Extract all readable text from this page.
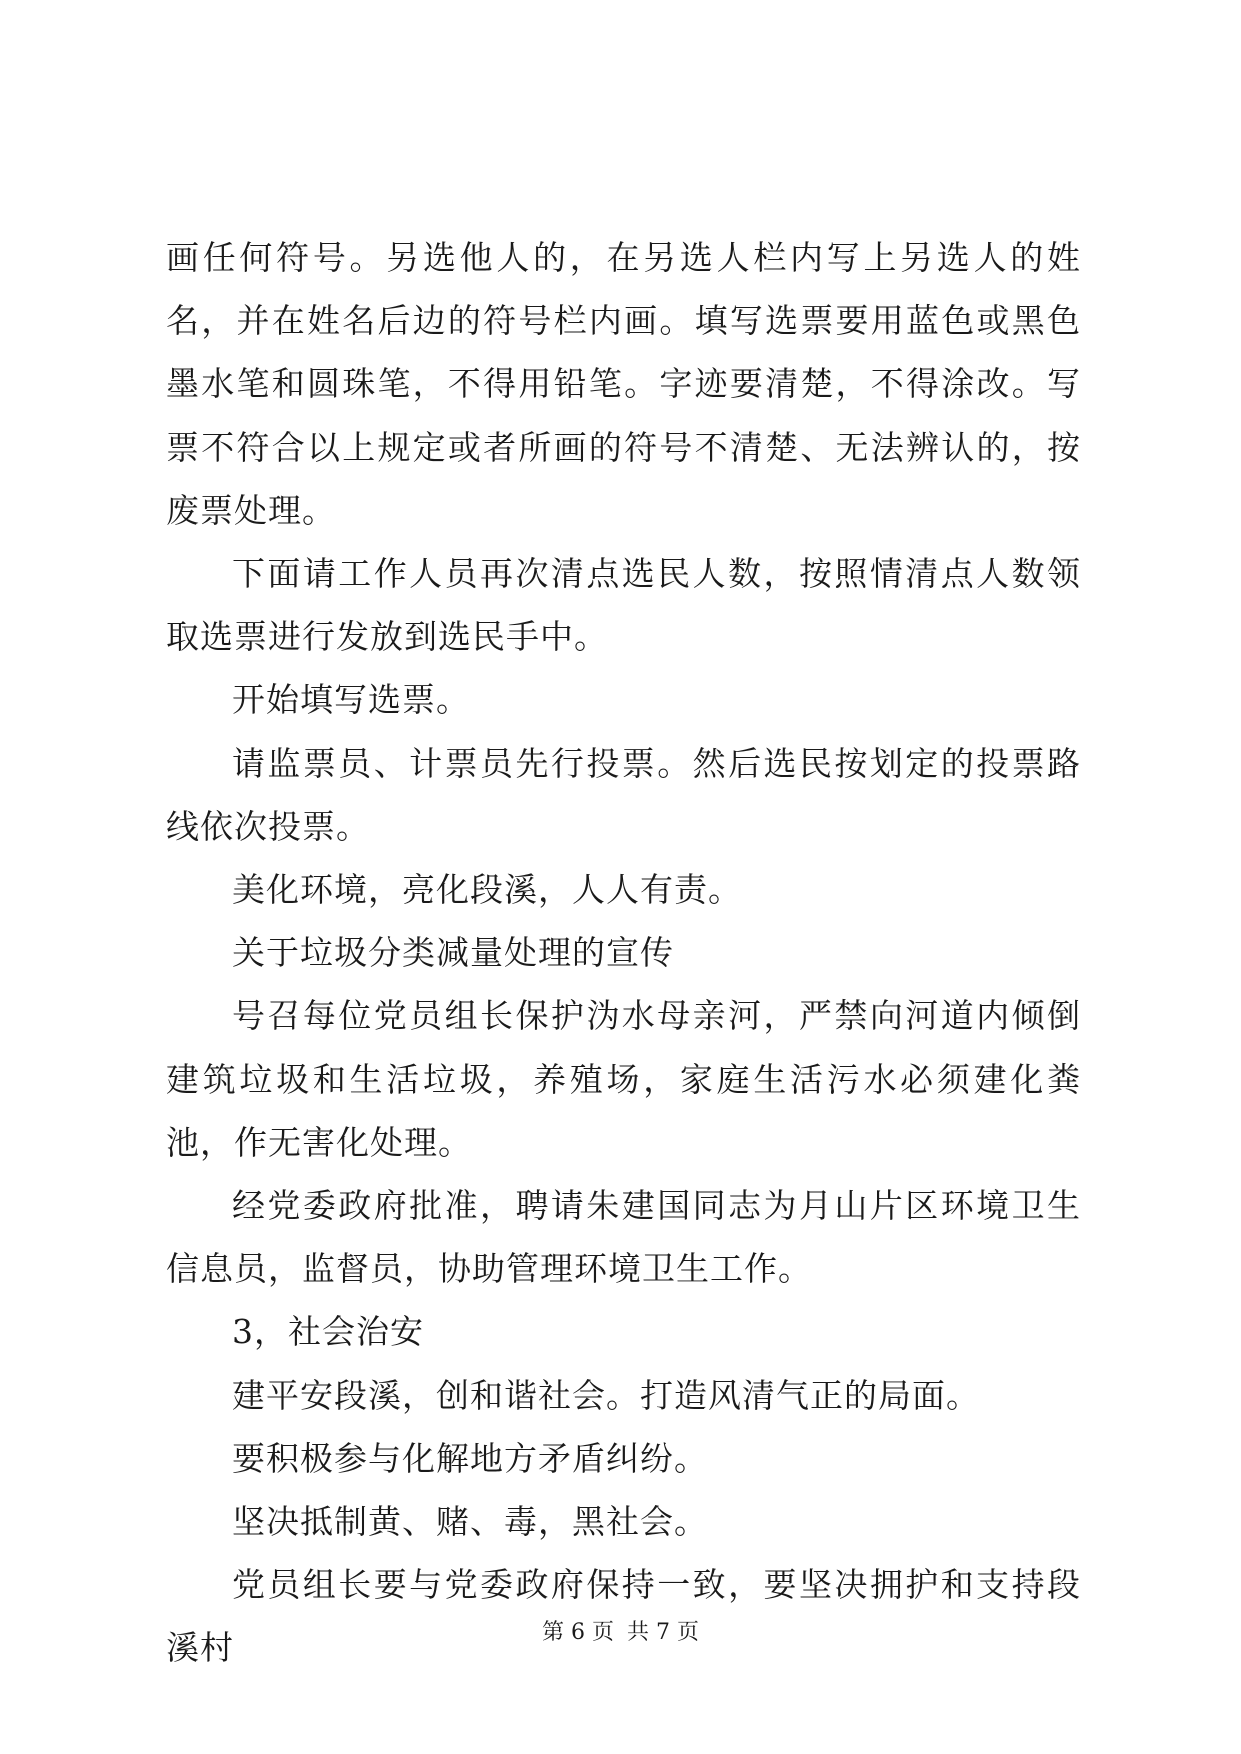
画任何符号。另选他人的，在另选人栏内写上另选人的姓名，并在姓名后边的符号栏内画。填写选票要用蓝色或黑色墨水笔和圆珠笔，不得用铅笔。字迹要清楚，不得涂改。写票不符合以上规定或者所画的符号不清楚、无法辨认的，按废票处理。

下面请工作人员再次清点选民人数，按照情清点人数领取选票进行发放到选民手中。

开始填写选票。

请监票员、计票员先行投票。然后选民按划定的投票路线依次投票。

美化环境，亮化段溪，人人有责。

关于垃圾分类减量处理的宣传

号召每位党员组长保护沩水母亲河，严禁向河道内倾倒建筑垃圾和生活垃圾，养殖场，家庭生活污水必须建化粪池，作无害化处理。

经党委政府批准，聘请朱建国同志为月山片区环境卫生信息员，监督员，协助管理环境卫生工作。

3，社会治安

建平安段溪，创和谐社会。打造风清气正的局面。

要积极参与化解地方矛盾纠纷。

坚决抵制黄、赌、毒，黑社会。

党员组长要与党委政府保持一致，要坚决拥护和支持段溪村	第 6 页 共 7 页
